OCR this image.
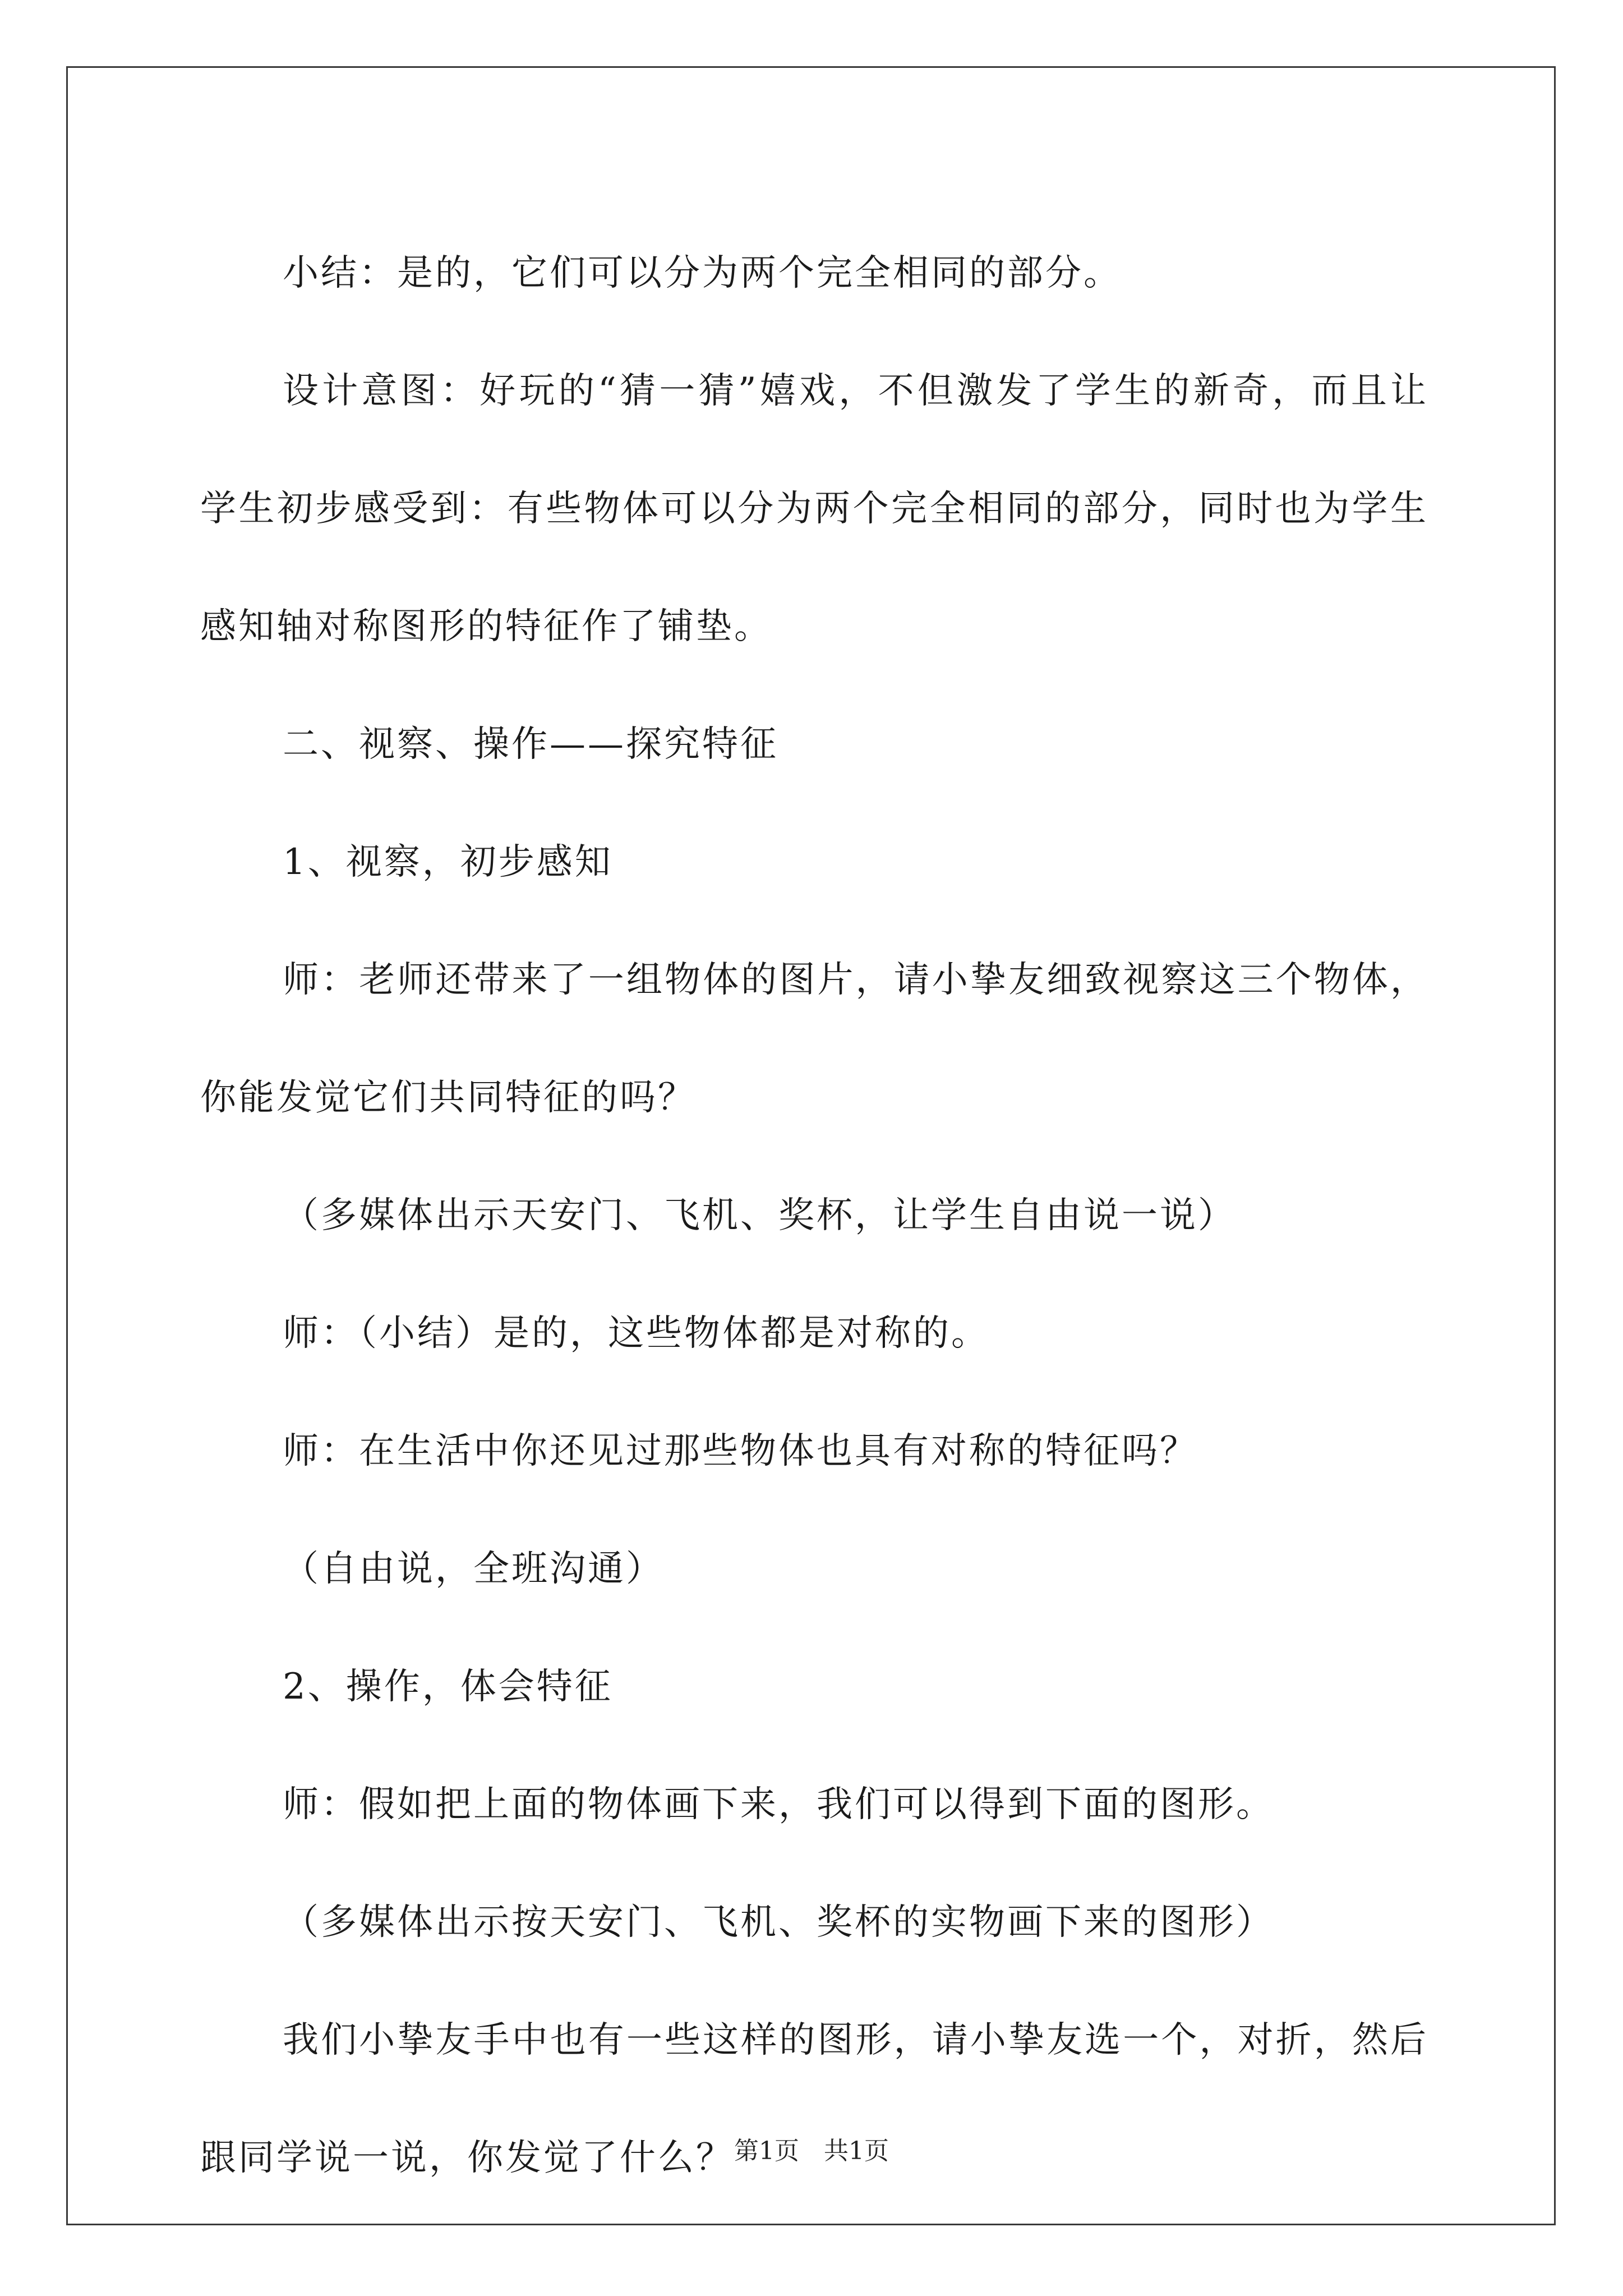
小结：是的，它们可以分为两个完全相同的部分。

设计意图：好玩的“猜一猜”嬉戏，不但激发了学生的新奇，而且让学生初步感受到：有些物体可以分为两个完全相同的部分，同时也为学生感知轴对称图形的特征作了铺垫。

二、视察、操作——探究特征

1、视察，初步感知

师：老师还带来了一组物体的图片，请小挚友细致视察这三个物体，你能发觉它们共同特征的吗？

（多媒体出示天安门、飞机、奖杯，让学生自由说一说）

师：（小结）是的，这些物体都是对称的。

师：在生活中你还见过那些物体也具有对称的特征吗？

（自由说，全班沟通）

2、操作，体会特征

师：假如把上面的物体画下来，我们可以得到下面的图形。

（多媒体出示按天安门、飞机、奖杯的实物画下来的图形）

我们小挚友手中也有一些这样的图形，请小挚友选一个，对折，然后跟同学说一说，你发觉了什么？ 第1页 共1页
